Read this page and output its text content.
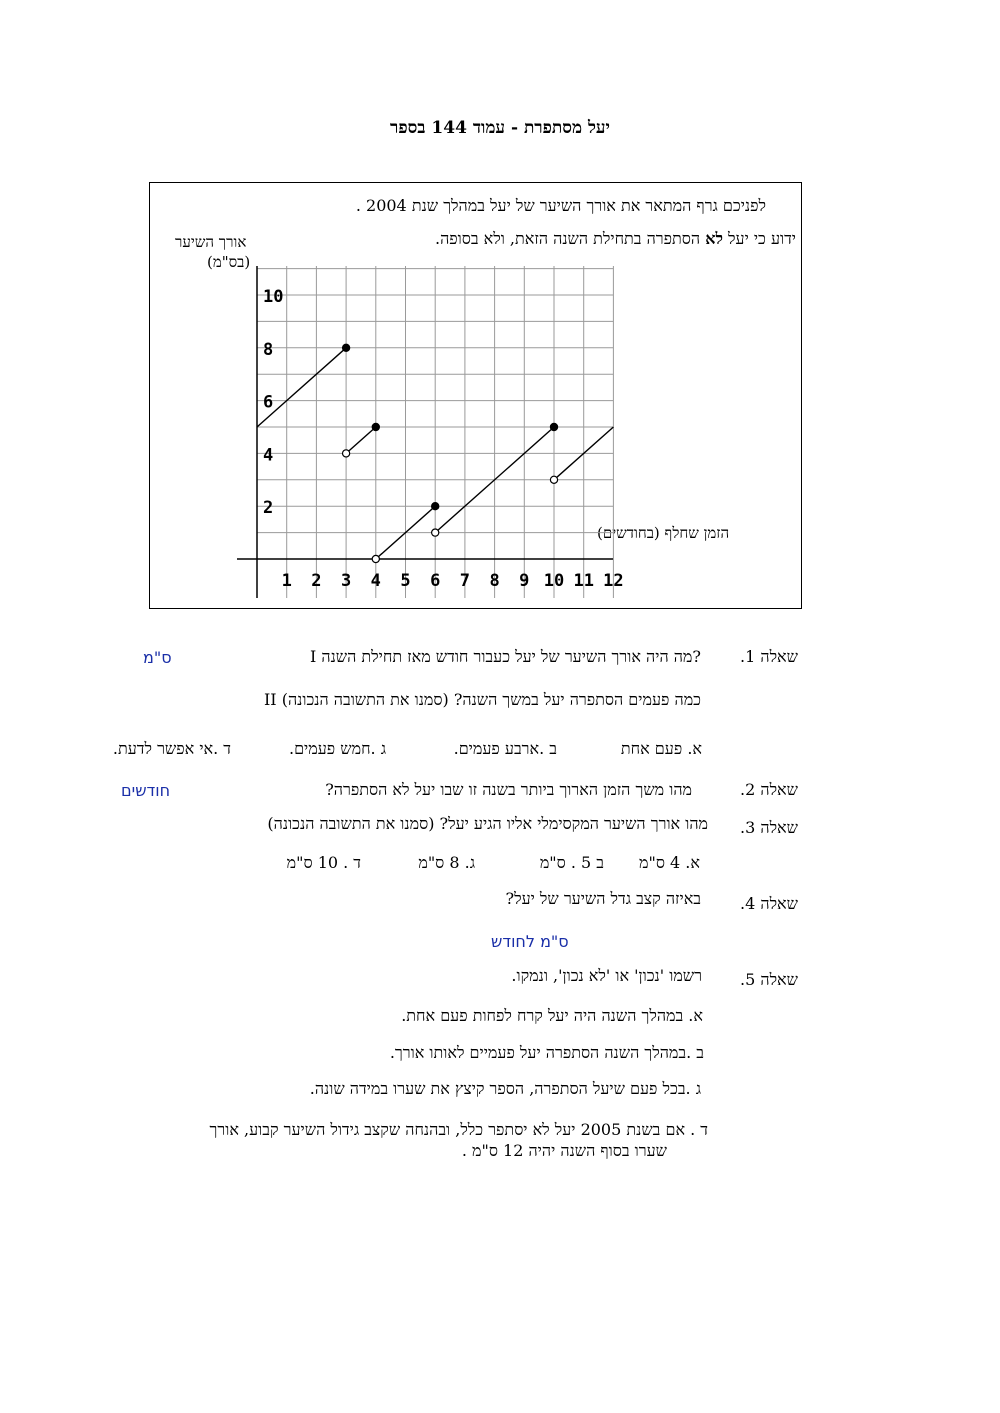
יעל מסתפרת - עמוד 144 בספר
לפניכם גרף המתאר את אורך השיער של יעל במהלך שנת 2004 .
ידוע כי יעל לא הסתפרה בתחילת השנה הזאת, ולא בסופה.
אורך השיער
(בס"מ)
הזמן שחלף (בחודשים)
1 2 3 4 5 6 7 8 9 10 11 12
2
4
6
8
10
שאלה 1.
I מה היה אורך השיער של יעל כעבור חודש מאז תחילת השנה?
ס"מ
II כמה פעמים הסתפרה יעל במשך השנה? (סמנו את התשובה הנכונה)
א. פעם אחת
ב .ארבע פעמים.
ג .חמש פעמים.
ד .אי אפשר לדעת.
שאלה 2.
מהו משך הזמן הארוך ביותר בשנה זו שבו יעל לא הסתפרה?
חודשים
שאלה 3.
מהו אורך השיער המקסימלי אליו הגיע יעל? (סמנו את התשובה הנכונה)
א. 4 ס"מ
ב 5 . ס"מ
ג. 8 ס"מ
ד . 10 ס"מ
שאלה 4.
באיזה קצב גדל השיער של יעל?
ס"מ לחודש
שאלה 5.
רשמו 'נכון' או 'לא נכון', ונמקו.
א. במהלך השנה היה יעל קרח לפחות פעם אחת.
ב .במהלך השנה הסתפרה יעל פעמיים לאותו אורך.
ג .בכל פעם שיעל הסתפרה, הספר קיצץ את שערו במידה שונה.
ד . אם בשנת 2005 יעל לא יסתפר כלל, ובהנחה שקצב גידול השיער קבוע, אורך
שערו בסוף השנה יהיה 12 ס"מ .
